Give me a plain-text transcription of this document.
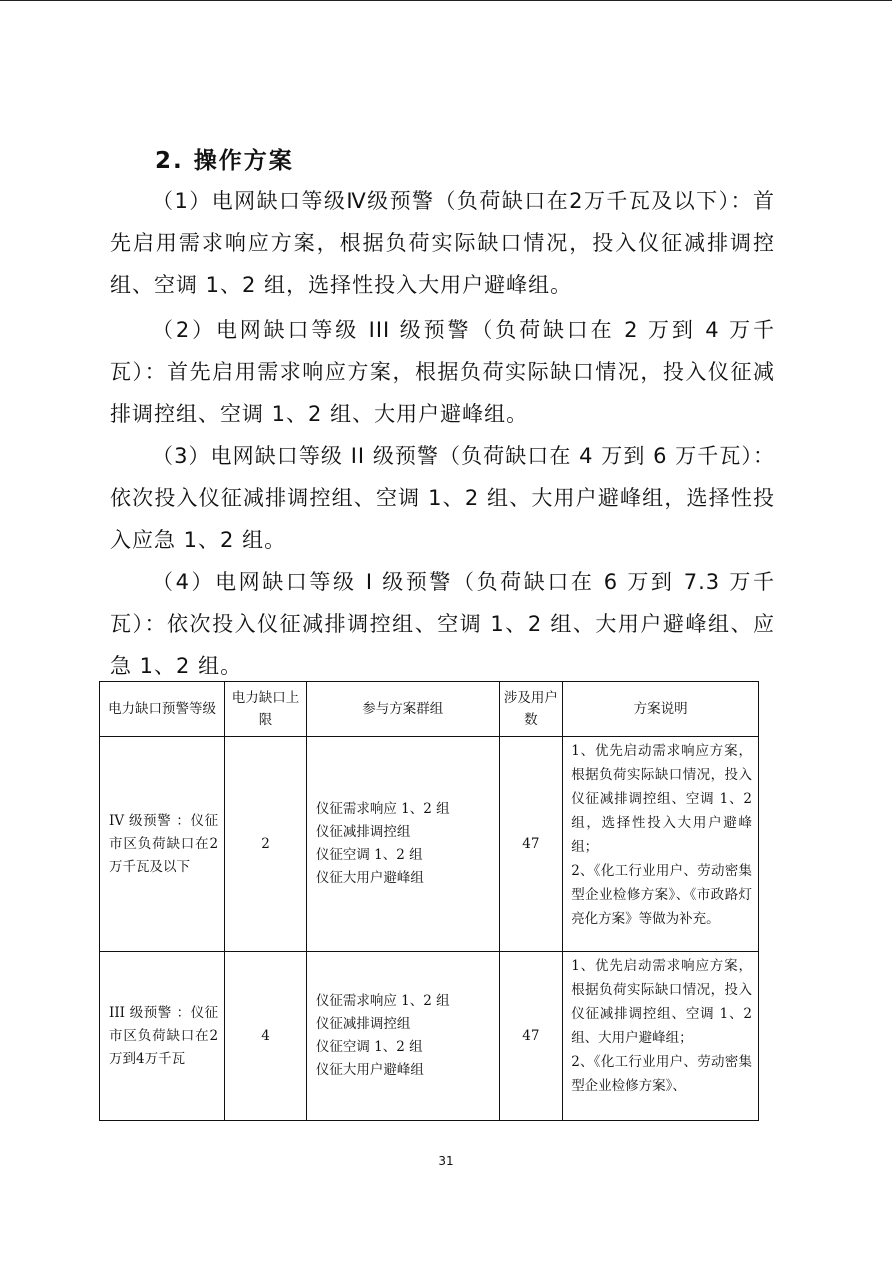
2. 操作方案
（1）电网缺口等级Ⅳ级预警（负荷缺口在2万千瓦及以下）：首先启用需求响应方案，根据负荷实际缺口情况，投入仪征减排调控组、空调 1、2 组，选择性投入大用户避峰组。
（2）电网缺口等级 III 级预警（负荷缺口在 2 万到 4 万千瓦）：首先启用需求响应方案，根据负荷实际缺口情况，投入仪征减排调控组、空调 1、2 组、大用户避峰组。
（3）电网缺口等级 II 级预警（负荷缺口在 4 万到 6 万千瓦）：依次投入仪征减排调控组、空调 1、2 组、大用户避峰组，选择性投入应急 1、2 组。
（4）电网缺口等级 I 级预警（负荷缺口在 6 万到 7.3 万千瓦）：依次投入仪征减排调控组、空调 1、2 组、大用户避峰组、应急 1、2 组。
电力缺口预警等级	电力缺口上限	参与方案群组	涉及用户数	方案说明
IV 级预警 ：仪征市区负荷缺口在2万千瓦及以下	2	仪征需求响应 1、2 组
仪征减排调控组
仪征空调 1、2 组
仪征大用户避峰组	47	1、优先启动需求响应方案，根据负荷实际缺口情况，投入仪征减排调控组、空调 1、2 组，选择性投入大用户避峰组；
2、《化工行业用户、劳动密集型企业检修方案》、《市政路灯亮化方案》等做为补充。

III 级预警 ：仪征市区负荷缺口在2万到4万千瓦	4	仪征需求响应 1、2 组
仪征减排调控组
仪征空调 1、2 组
仪征大用户避峰组	47	1、优先启动需求响应方案，根据负荷实际缺口情况，投入仪征减排调控组、空调 1、2 组、大用户避峰组；
2、《化工行业用户、劳动密集型企业检修方案》、
31
